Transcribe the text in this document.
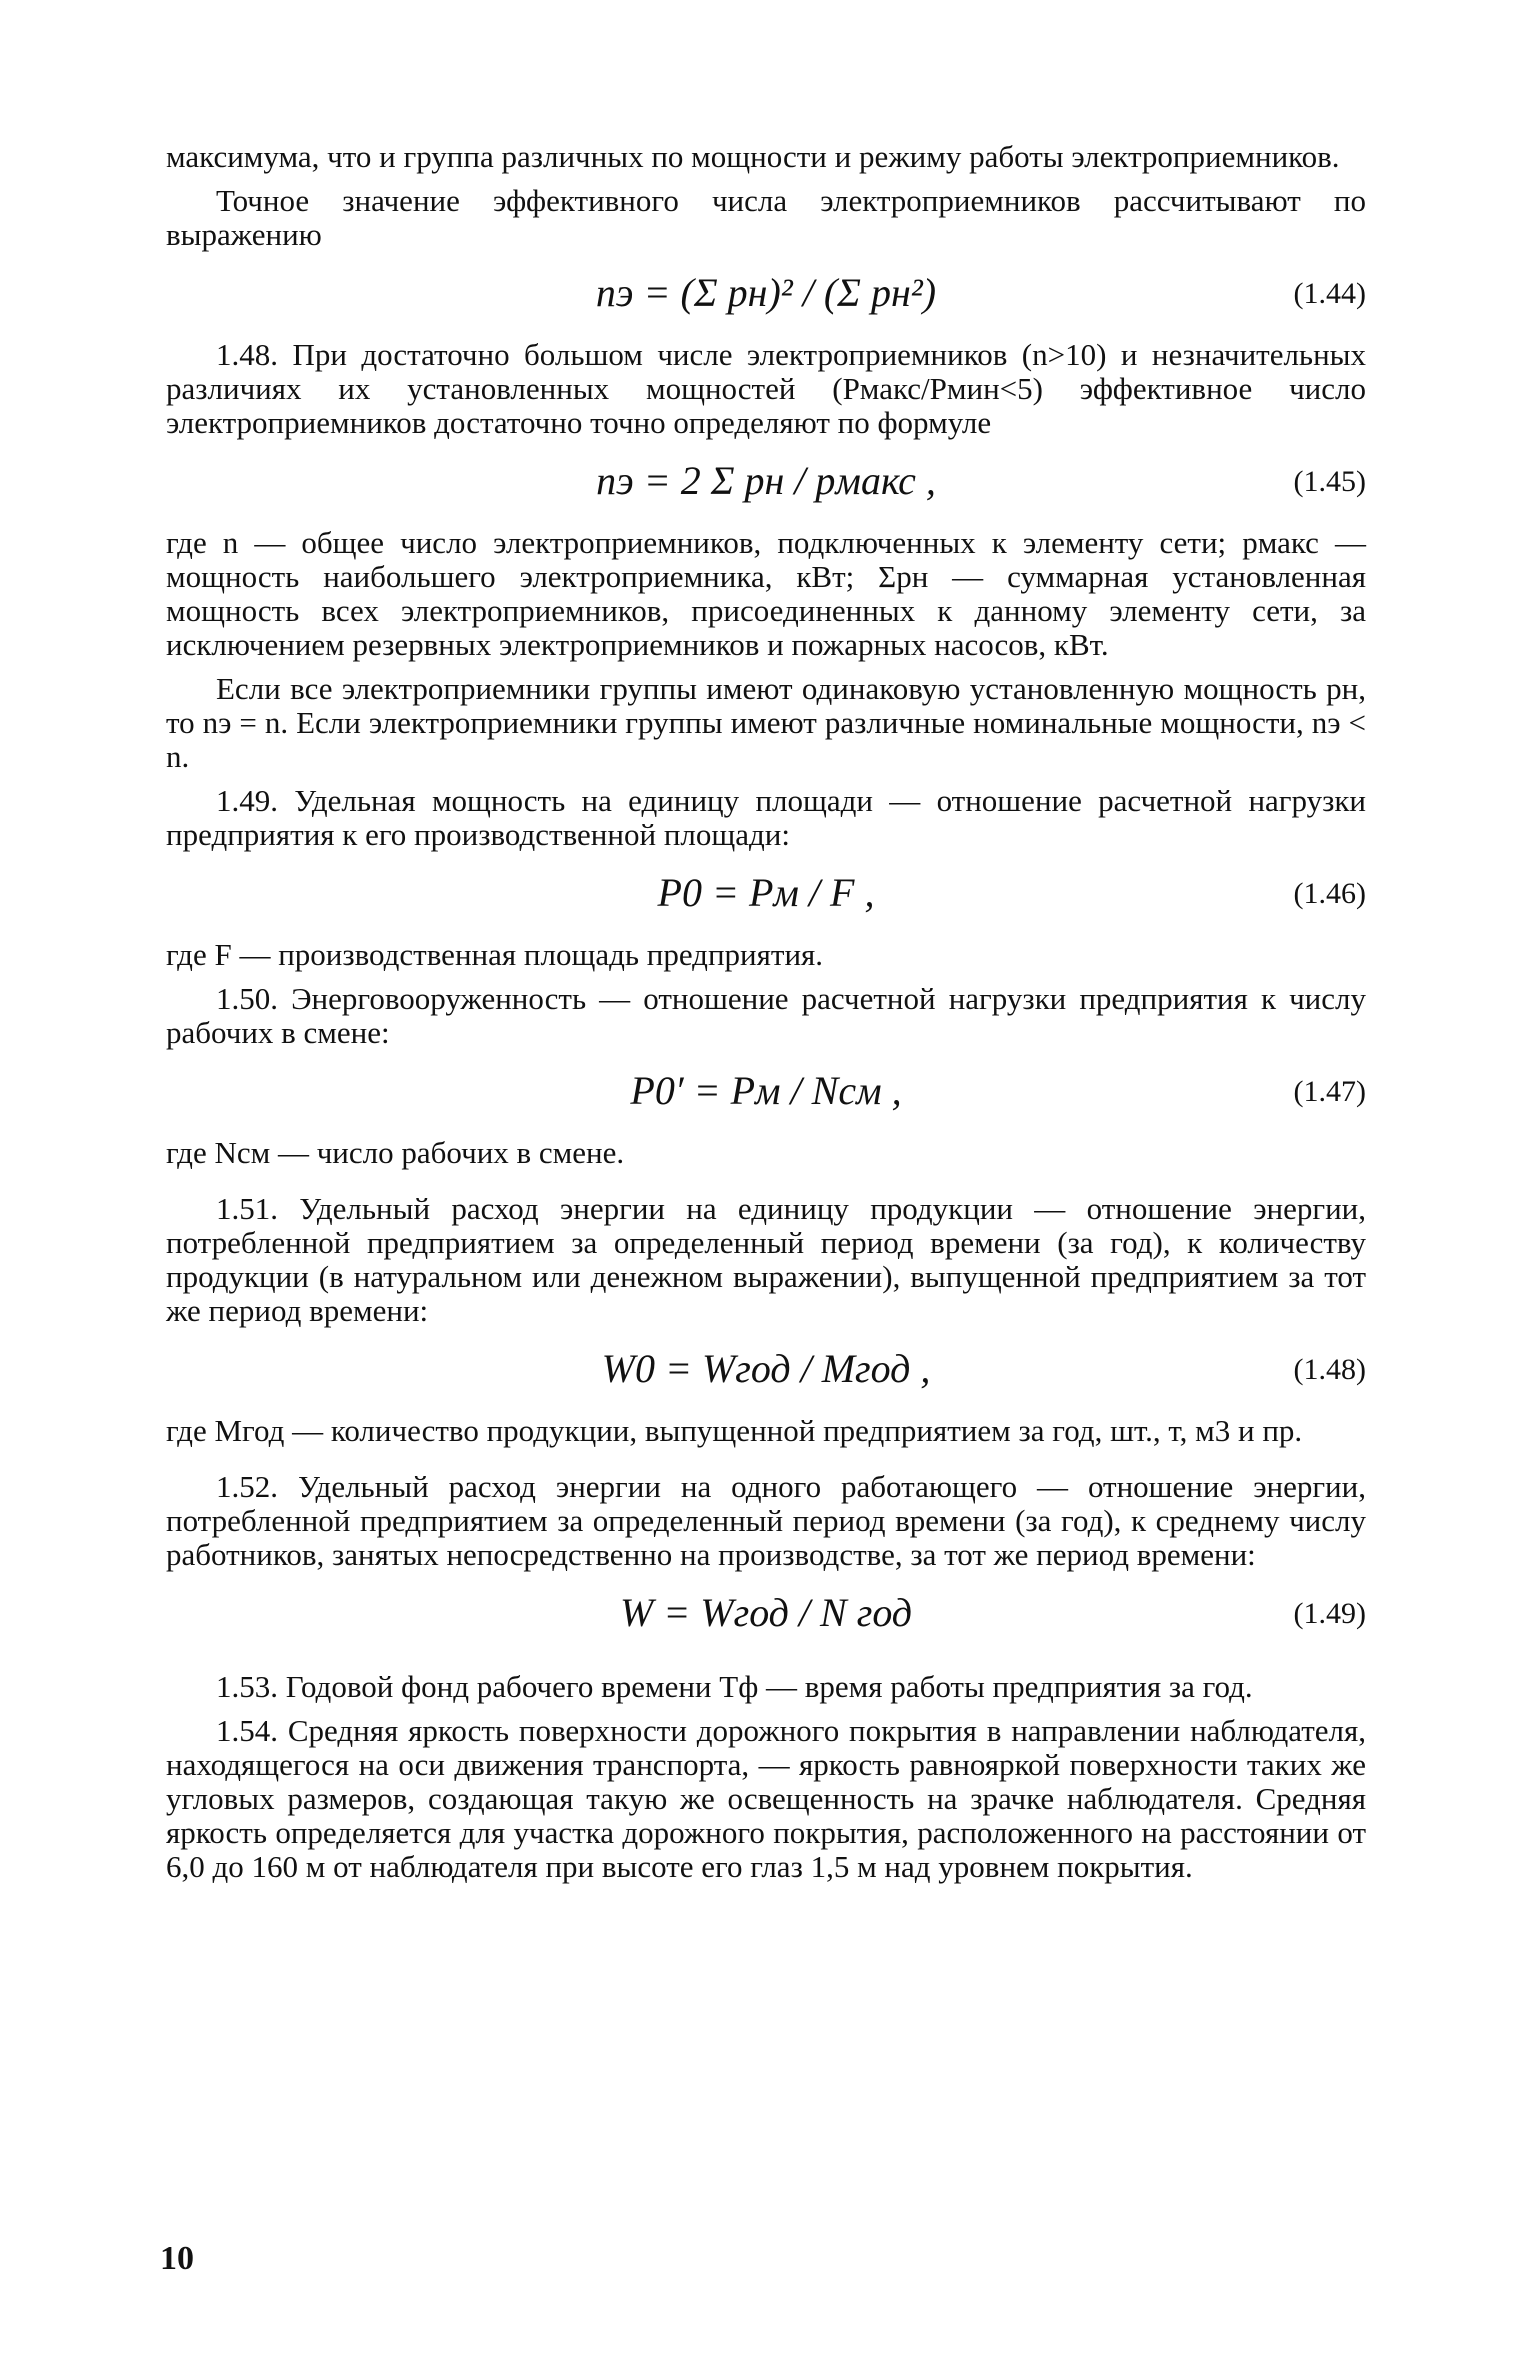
максимума, что и группа различных по мощности и режиму работы электроприемников.

Точное значение эффективного числа электроприемников рассчитывают по выражению

nэ = (Σ pн)² / (Σ pн²)	(1.44)

1.48. При достаточно большом числе электроприемников (n>10) и незначительных различиях их установленных мощностей (Pмакс/Pмин<5) эффективное число электроприемников достаточно точно определяют по формуле

nэ = 2 Σ pн / pмакс ,	(1.45)

где n — общее число электроприемников, подключенных к элементу сети; pмакс — мощность наибольшего электроприемника, кВт; Σpн — суммарная установленная мощность всех электроприемников, присоединенных к данному элементу сети, за исключением резервных электроприемников и пожарных насосов, кВт.

Если все электроприемники группы имеют одинаковую установленную мощность pн, то nэ = n. Если электроприемники группы имеют различные номинальные мощности, nэ < n.

1.49. Удельная мощность на единицу площади — отношение расчетной нагрузки предприятия к его производственной площади:

P0 = Pм / F ,	(1.46)

где F — производственная площадь предприятия.

1.50. Энерговооруженность — отношение расчетной нагрузки предприятия к числу рабочих в смене:

P0′ = Pм / Nсм ,	(1.47)

где Nсм — число рабочих в смене.

1.51. Удельный расход энергии на единицу продукции — отношение энергии, потребленной предприятием за определенный период времени (за год), к количеству продукции (в натуральном или денежном выражении), выпущенной предприятием за тот же период времени:

W0 = Wгод / Mгод ,	(1.48)

где Mгод — количество продукции, выпущенной предприятием за год, шт., т, м3 и пр.

1.52. Удельный расход энергии на одного работающего — отношение энергии, потребленной предприятием за определенный период времени (за год), к среднему числу работников, занятых непосредственно на производстве, за тот же период времени:

W = Wгод / N год	(1.49)

1.53. Годовой фонд рабочего времени Tф — время работы предприятия за год.

1.54. Средняя яркость поверхности дорожного покрытия в направлении наблюдателя, находящегося на оси движения транспорта, — яркость равнояркой поверхности таких же угловых размеров, создающая такую же освещенность на зрачке наблюдателя. Средняя яркость определяется для участка дорожного покрытия, расположенного на расстоянии от 6,0 до 160 м от наблюдателя при высоте его глаз 1,5 м над уровнем покрытия.

10
